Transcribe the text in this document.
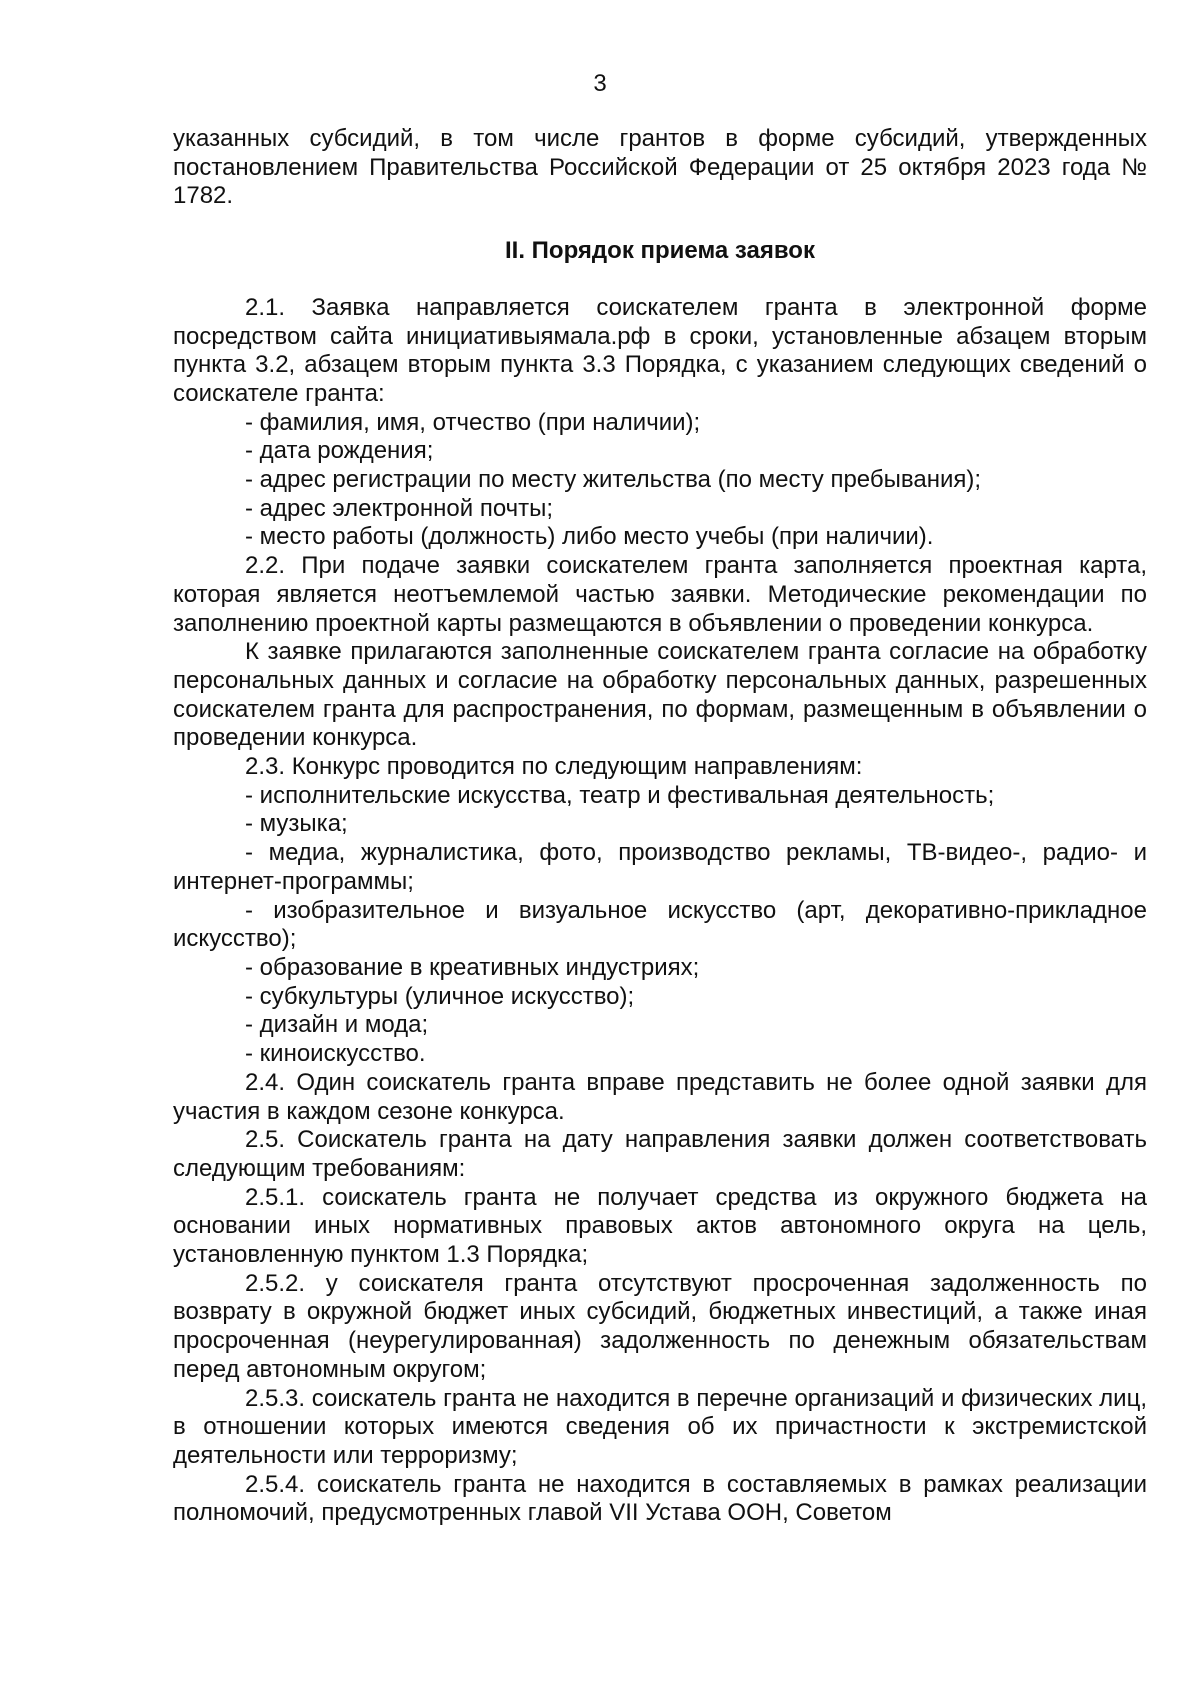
3

указанных субсидий, в том числе грантов в форме субсидий, утвержденных постановлением Правительства Российской Федерации от 25 октября 2023 года № 1782.

II. Порядок приема заявок

2.1. Заявка направляется соискателем гранта в электронной форме посредством сайта инициативыямала.рф в сроки, установленные абзацем вторым пункта 3.2, абзацем вторым пункта 3.3 Порядка, с указанием следующих сведений о соискателе гранта:

- фамилия, имя, отчество (при наличии);

- дата рождения;

- адрес регистрации по месту жительства (по месту пребывания);

- адрес электронной почты;

- место работы (должность) либо место учебы (при наличии).

2.2. При подаче заявки соискателем гранта заполняется проектная карта, которая является неотъемлемой частью заявки. Методические рекомендации по заполнению проектной карты размещаются в объявлении о проведении конкурса.

К заявке прилагаются заполненные соискателем гранта согласие на обработку персональных данных и согласие на обработку персональных данных, разрешенных соискателем гранта для распространения, по формам, размещенным в объявлении о проведении конкурса.

2.3. Конкурс проводится по следующим направлениям:

- исполнительские искусства, театр и фестивальная деятельность;

- музыка;

- медиа, журналистика, фото, производство рекламы, ТВ-видео-, радио- и интернет-программы;

- изобразительное и визуальное искусство (арт, декоративно-прикладное искусство);

- образование в креативных индустриях;

- субкультуры (уличное искусство);

- дизайн и мода;

- киноискусство.

2.4. Один соискатель гранта вправе представить не более одной заявки для участия в каждом сезоне конкурса.

2.5. Соискатель гранта на дату направления заявки должен соответствовать следующим требованиям:

2.5.1. соискатель гранта не получает средства из окружного бюджета на основании иных нормативных правовых актов автономного округа на цель, установленную пунктом 1.3 Порядка;

2.5.2. у соискателя гранта отсутствуют просроченная задолженность по возврату в окружной бюджет иных субсидий, бюджетных инвестиций, а также иная просроченная (неурегулированная) задолженность по денежным обязательствам перед автономным округом;

2.5.3. соискатель гранта не находится в перечне организаций и физических лиц, в отношении которых имеются сведения об их причастности к экстремистской деятельности или терроризму;

2.5.4. соискатель гранта не находится в составляемых в рамках реализации полномочий, предусмотренных главой VII Устава ООН, Советом
